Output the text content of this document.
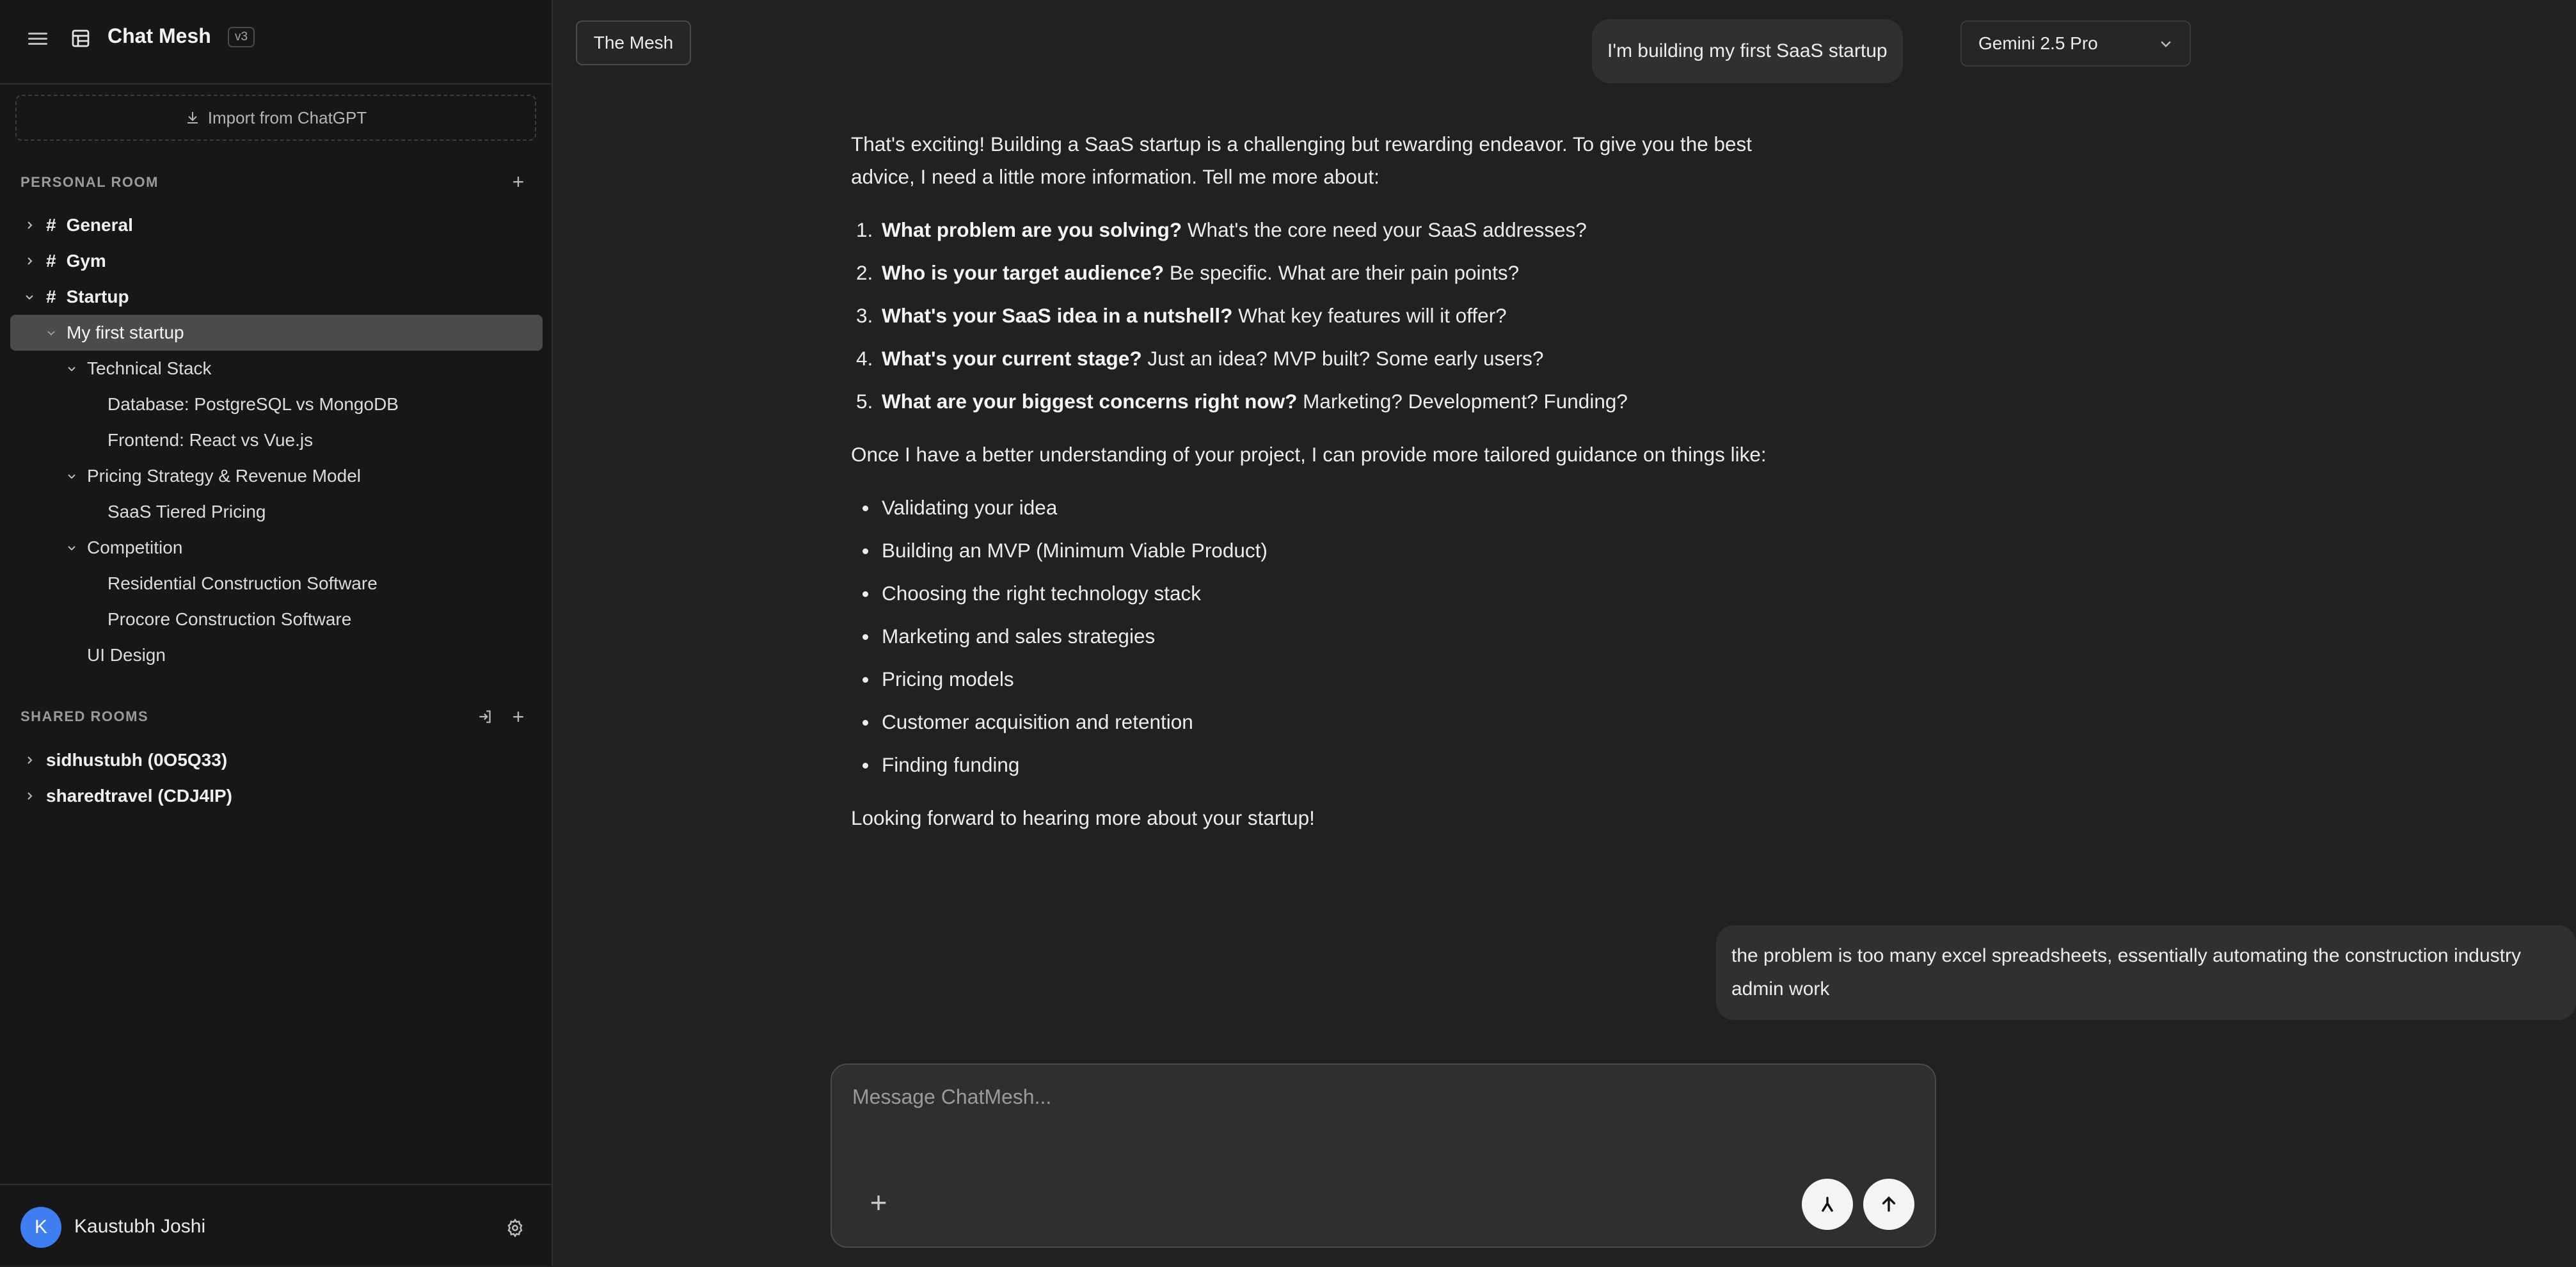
Chat Mesh	v3
Import from ChatGPT
PERSONAL ROOM	+
# General
# Gym
# Startup
My first startup
Technical Stack
Database: PostgreSQL vs MongoDB
Frontend: React vs Vue.js
Pricing Strategy & Revenue Model
SaaS Tiered Pricing
Competition
Residential Construction Software
Procore Construction Software
UI Design
SHARED ROOMS	+
sidhustubh (0O5Q33)
sharedtravel (CDJ4IP)
K	Kaustubh Joshi
The Mesh	I'm building my first SaaS startup	Gemini 2.5 Pro

That's exciting! Building a SaaS startup is a challenging but rewarding endeavor. To give you the best advice, I need a little more information. Tell me more about:

1. What problem are you solving? What's the core need your SaaS addresses?
2. Who is your target audience? Be specific. What are their pain points?
3. What's your SaaS idea in a nutshell? What key features will it offer?
4. What's your current stage? Just an idea? MVP built? Some early users?
5. What are your biggest concerns right now? Marketing? Development? Funding?

Once I have a better understanding of your project, I can provide more tailored guidance on things like:

Validating your idea
Building an MVP (Minimum Viable Product)
Choosing the right technology stack
Marketing and sales strategies
Pricing models
Customer acquisition and retention
Finding funding

Looking forward to hearing more about your startup!

the problem is too many excel spreadsheets, essentially automating the construction industry admin work
Message ChatMesh...
+
